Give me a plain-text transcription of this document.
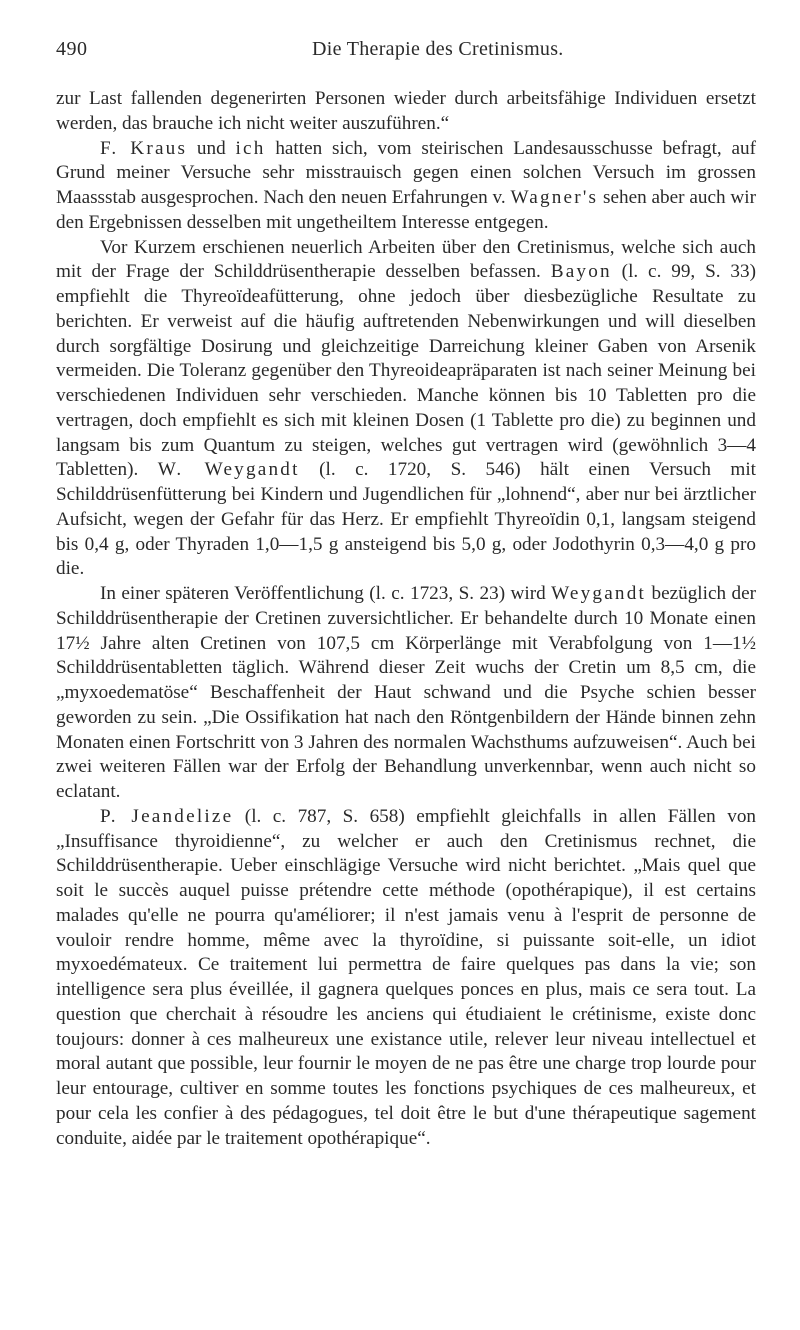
490	Die Therapie des Cretinismus.

zur Last fallenden degenerirten Personen wieder durch arbeitsfähige Individuen ersetzt werden, das brauche ich nicht weiter auszuführen.“

F. Kraus und ich hatten sich, vom steirischen Landesausschusse befragt, auf Grund meiner Versuche sehr misstrauisch gegen einen solchen Versuch im grossen Maassstab ausgesprochen. Nach den neuen Erfahrungen v. Wagner's sehen aber auch wir den Ergebnissen desselben mit ungetheiltem Interesse entgegen.

Vor Kurzem erschienen neuerlich Arbeiten über den Cretinismus, welche sich auch mit der Frage der Schilddrüsentherapie desselben befassen. Bayon (l. c. 99, S. 33) empfiehlt die Thyreoïdeafütterung, ohne jedoch über diesbezügliche Resultate zu berichten. Er verweist auf die häufig auftretenden Nebenwirkungen und will dieselben durch sorgfältige Dosirung und gleichzeitige Darreichung kleiner Gaben von Arsenik vermeiden. Die Toleranz gegenüber den Thyreoideapräparaten ist nach seiner Meinung bei verschiedenen Individuen sehr verschieden. Manche können bis 10 Tabletten pro die vertragen, doch empfiehlt es sich mit kleinen Dosen (1 Tablette pro die) zu beginnen und langsam bis zum Quantum zu steigen, welches gut vertragen wird (gewöhnlich 3—4 Tabletten). W. Weygandt (l. c. 1720, S. 546) hält einen Versuch mit Schilddrüsenfütterung bei Kindern und Jugendlichen für „lohnend“, aber nur bei ärztlicher Aufsicht, wegen der Gefahr für das Herz. Er empfiehlt Thyreoïdin 0,1, langsam steigend bis 0,4 g, oder Thyraden 1,0—1,5 g ansteigend bis 5,0 g, oder Jodothyrin 0,3—4,0 g pro die.

In einer späteren Veröffentlichung (l. c. 1723, S. 23) wird Weygandt bezüglich der Schilddrüsentherapie der Cretinen zuversichtlicher. Er behandelte durch 10 Monate einen 17½ Jahre alten Cretinen von 107,5 cm Körperlänge mit Verabfolgung von 1—1½ Schilddrüsentabletten täglich. Während dieser Zeit wuchs der Cretin um 8,5 cm, die „myxoedematöse“ Beschaffenheit der Haut schwand und die Psyche schien besser geworden zu sein. „Die Ossifikation hat nach den Röntgenbildern der Hände binnen zehn Monaten einen Fortschritt von 3 Jahren des normalen Wachsthums aufzuweisen“. Auch bei zwei weiteren Fällen war der Erfolg der Behandlung unverkennbar, wenn auch nicht so eclatant.

P. Jeandelize (l. c. 787, S. 658) empfiehlt gleichfalls in allen Fällen von „Insuffisance thyroidienne“, zu welcher er auch den Cretinismus rechnet, die Schilddrüsentherapie. Ueber einschlägige Versuche wird nicht berichtet. „Mais quel que soit le succès auquel puisse prétendre cette méthode (opothérapique), il est certains malades qu'elle ne pourra qu'améliorer; il n'est jamais venu à l'esprit de personne de vouloir rendre homme, même avec la thyroïdine, si puissante soit-elle, un idiot myxoedémateux. Ce traitement lui permettra de faire quelques pas dans la vie; son intelligence sera plus éveillée, il gagnera quelques ponces en plus, mais ce sera tout. La question que cherchait à résoudre les anciens qui étudiaient le crétinisme, existe donc toujours: donner à ces malheureux une existance utile, relever leur niveau intellectuel et moral autant que possible, leur fournir le moyen de ne pas être une charge trop lourde pour leur entourage, cultiver en somme toutes les fonctions psychiques de ces malheureux, et pour cela les confier à des pédagogues, tel doit être le but d'une thérapeutique sagement conduite, aidée par le traitement opothérapique“.
